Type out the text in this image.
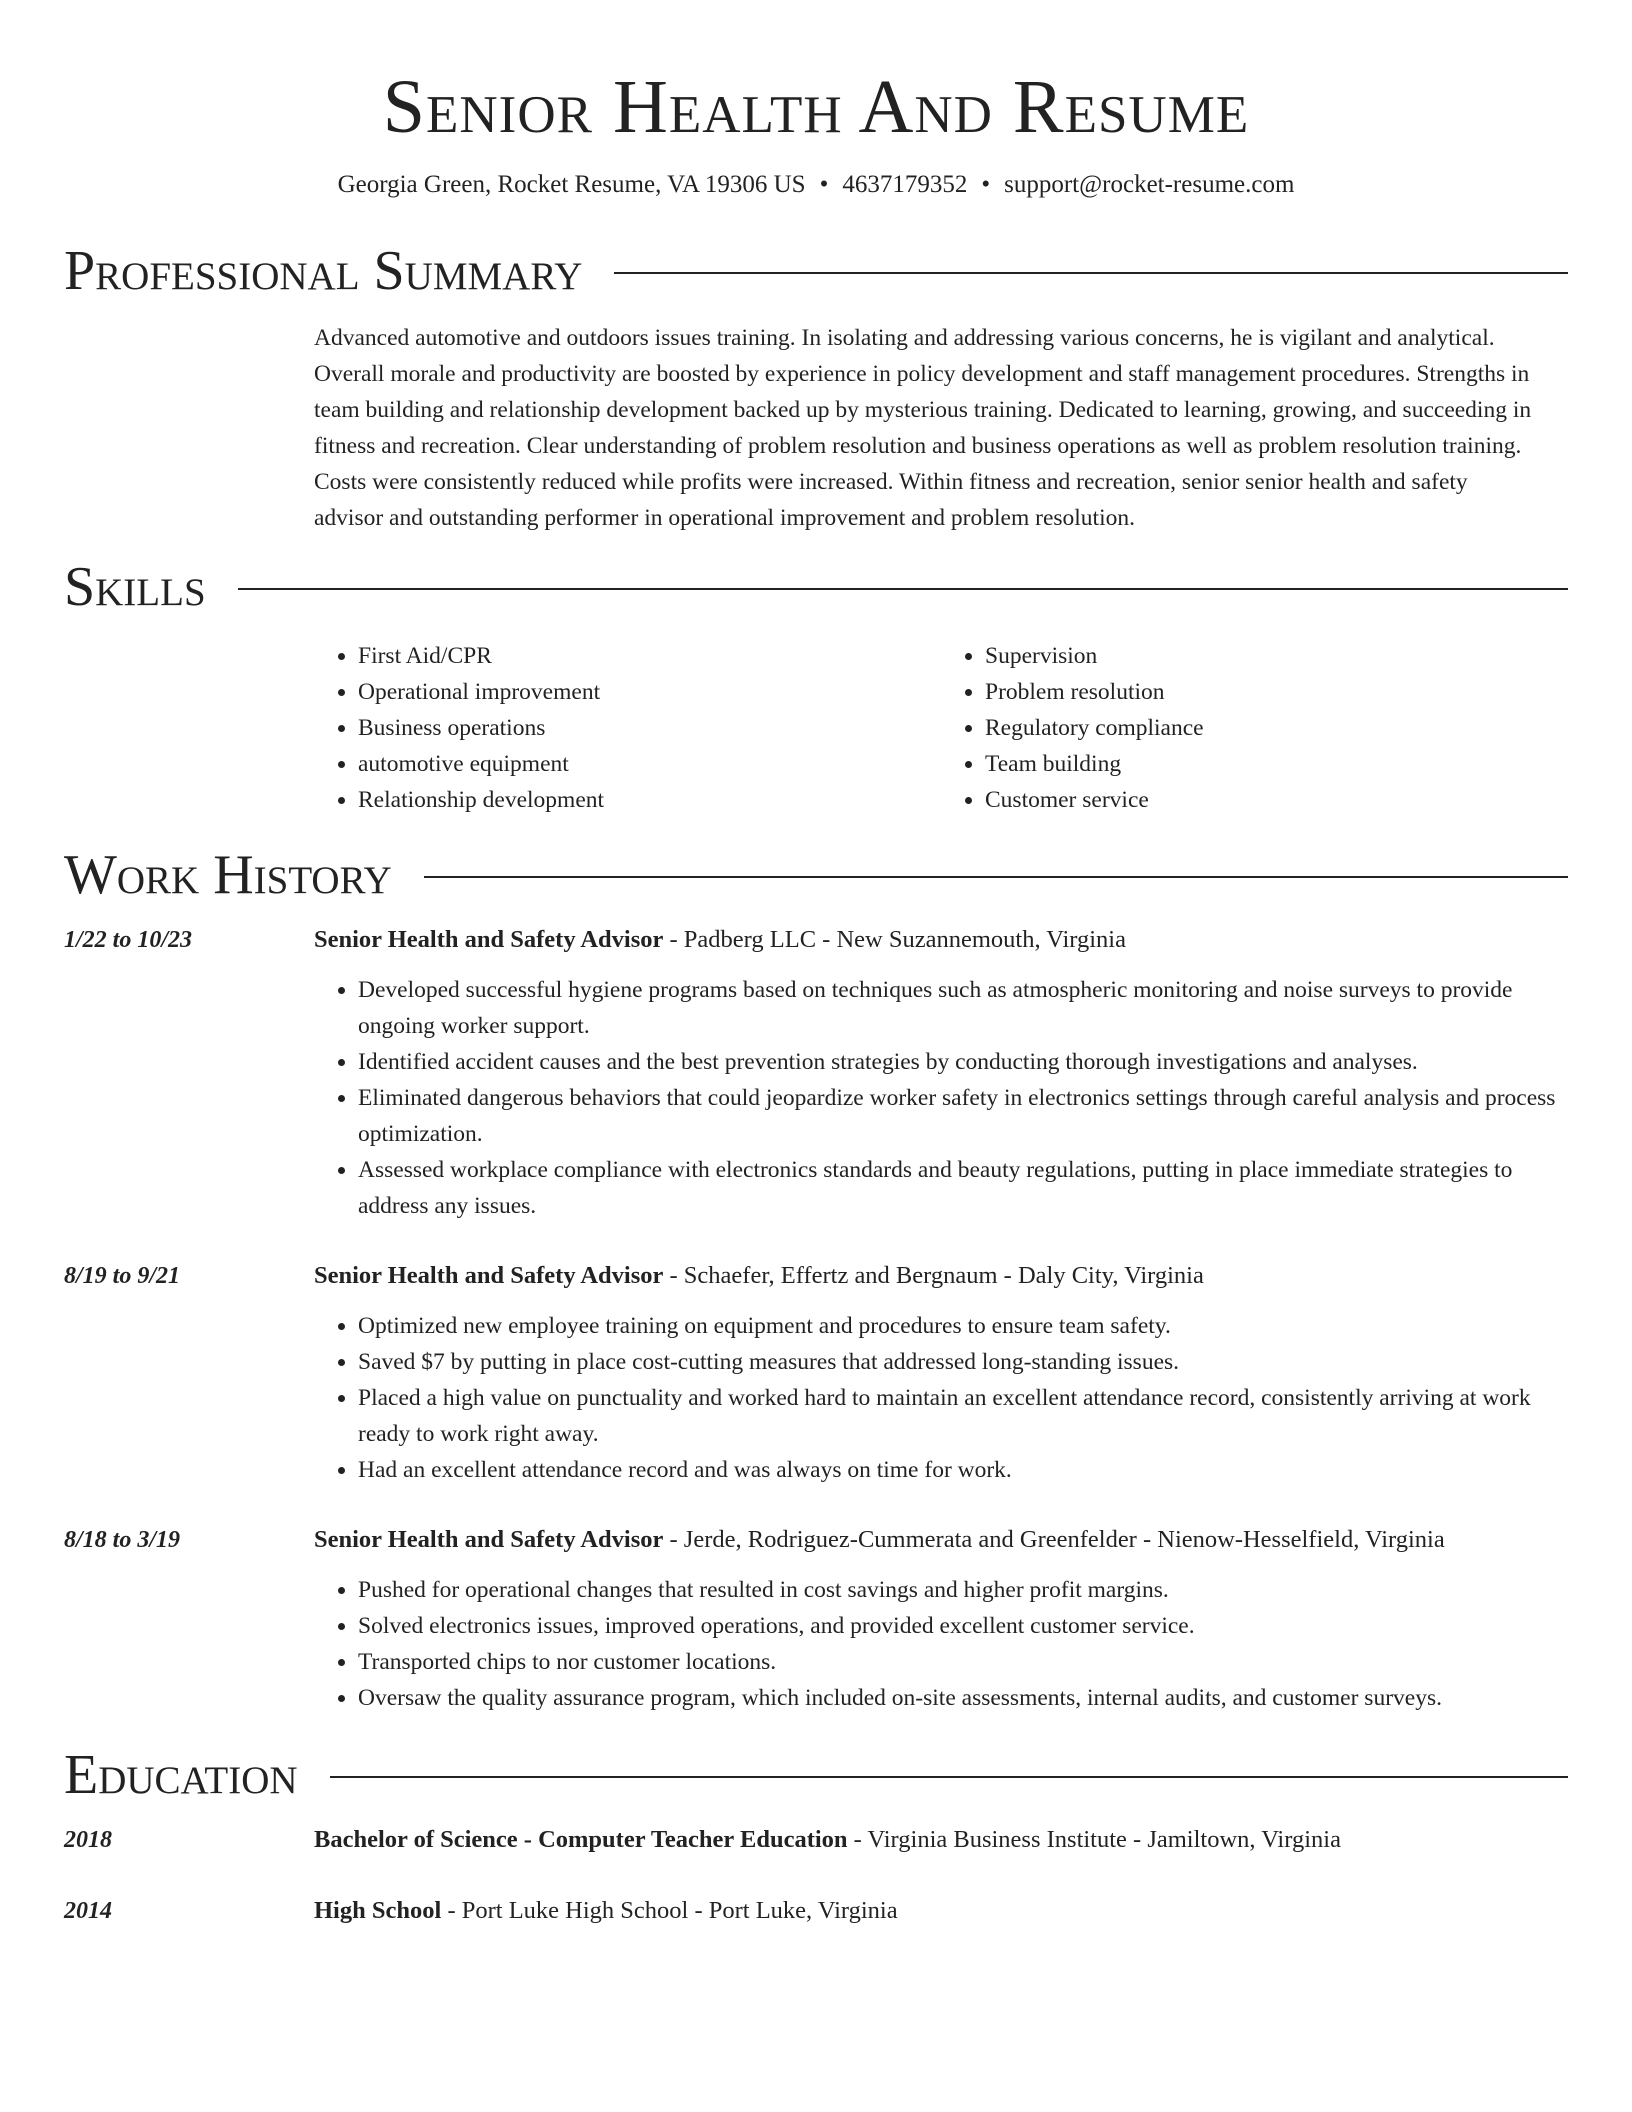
Senior Health And Resume
Georgia Green, Rocket Resume, VA 19306 US • 4637179352 • support@rocket-resume.com
Professional Summary

Advanced automotive and outdoors issues training. In isolating and addressing various concerns, he is vigilant and analytical. Overall morale and productivity are boosted by experience in policy development and staff management procedures. Strengths in team building and relationship development backed up by mysterious training. Dedicated to learning, growing, and succeeding in fitness and recreation. Clear understanding of problem resolution and business operations as well as problem resolution training. Costs were consistently reduced while profits were increased. Within fitness and recreation, senior senior health and safety advisor and outstanding performer in operational improvement and problem resolution.

Skills
• First Aid/CPR
• Operational improvement
• Business operations
• automotive equipment
• Relationship development
• Supervision
• Problem resolution
• Regulatory compliance
• Team building
• Customer service
Work History
1/22 to 10/23	Senior Health and Safety Advisor - Padberg LLC - New Suzannemouth, Virginia
• Developed successful hygiene programs based on techniques such as atmospheric monitoring and noise surveys to provide ongoing worker support.
• Identified accident causes and the best prevention strategies by conducting thorough investigations and analyses.
• Eliminated dangerous behaviors that could jeopardize worker safety in electronics settings through careful analysis and process optimization.
• Assessed workplace compliance with electronics standards and beauty regulations, putting in place immediate strategies to address any issues.
8/19 to 9/21	Senior Health and Safety Advisor - Schaefer, Effertz and Bergnaum - Daly City, Virginia
• Optimized new employee training on equipment and procedures to ensure team safety.
• Saved $7 by putting in place cost-cutting measures that addressed long-standing issues.
• Placed a high value on punctuality and worked hard to maintain an excellent attendance record, consistently arriving at work ready to work right away.
• Had an excellent attendance record and was always on time for work.
8/18 to 3/19	Senior Health and Safety Advisor - Jerde, Rodriguez-Cummerata and Greenfelder - Nienow-Hesselfield, Virginia
• Pushed for operational changes that resulted in cost savings and higher profit margins.
• Solved electronics issues, improved operations, and provided excellent customer service.
• Transported chips to nor customer locations.
• Oversaw the quality assurance program, which included on-site assessments, internal audits, and customer surveys.
Education
2018	Bachelor of Science - Computer Teacher Education - Virginia Business Institute - Jamiltown, Virginia
2014	High School - Port Luke High School - Port Luke, Virginia
